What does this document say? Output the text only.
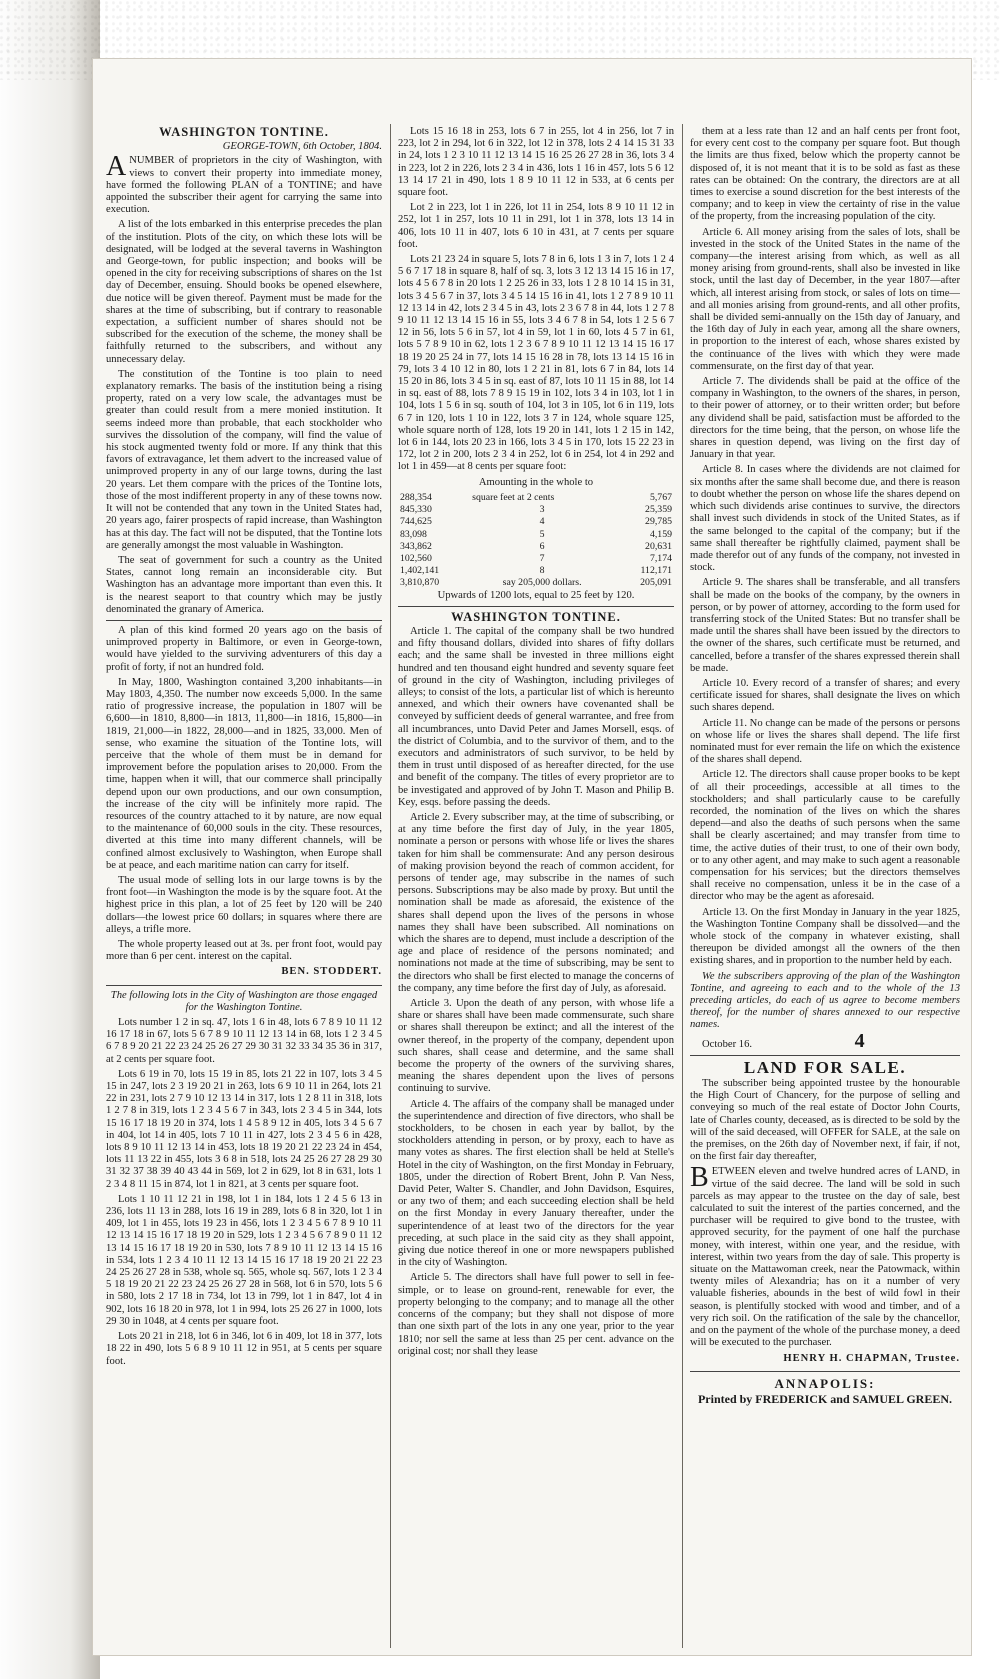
WASHINGTON TONTINE.
GEORGE-TOWN, 6th October, 1804.

ANUMBER of proprietors in the city of Washington, with views to convert their property into immediate money, have formed the following PLAN of a TONTINE; and have appointed the subscriber their agent for carrying the same into execution.

A list of the lots embarked in this enterprise precedes the plan of the institution. Plots of the city, on which these lots will be designated, will be lodged at the several taverns in Washington and George-town, for public inspection; and books will be opened in the city for receiving subscriptions of shares on the 1st day of December, ensuing. Should books be opened elsewhere, due notice will be given thereof. Payment must be made for the shares at the time of subscribing, but if contrary to reasonable expectation, a sufficient number of shares should not be subscribed for the execution of the scheme, the money shall be faithfully returned to the subscribers, and without any unnecessary delay.

The constitution of the Tontine is too plain to need explanatory remarks. The basis of the institution being a rising property, rated on a very low scale, the advantages must be greater than could result from a mere monied institution. It seems indeed more than probable, that each stockholder who survives the dissolution of the company, will find the value of his stock augmented twenty fold or more. If any think that this favors of extravagance, let them advert to the increased value of unimproved property in any of our large towns, during the last 20 years. Let them compare with the prices of the Tontine lots, those of the most indifferent property in any of these towns now. It will not be contended that any town in the United States had, 20 years ago, fairer prospects of rapid increase, than Washington has at this day. The fact will not be disputed, that the Tontine lots are generally amongst the most valuable in Washington.

The seat of government for such a country as the United States, cannot long remain an inconsiderable city. But Washington has an advantage more important than even this. It is the nearest seaport to that country which may be justly denominated the granary of America.

A plan of this kind formed 20 years ago on the basis of unimproved property in Baltimore, or even in George-town, would have yielded to the surviving adventurers of this day a profit of forty, if not an hundred fold.

In May, 1800, Washington contained 3,200 inhabitants—in May 1803, 4,350. The number now exceeds 5,000. In the same ratio of progressive increase, the population in 1807 will be 6,600—in 1810, 8,800—in 1813, 11,800—in 1816, 15,800—in 1819, 21,000—in 1822, 28,000—and in 1825, 33,000. Men of sense, who examine the situation of the Tontine lots, will perceive that the whole of them must be in demand for improvement before the population arises to 20,000. From the time, happen when it will, that our commerce shall principally depend upon our own productions, and our own consumption, the increase of the city will be infinitely more rapid. The resources of the country attached to it by nature, are now equal to the maintenance of 60,000 souls in the city. These resources, diverted at this time into many different channels, will be confined almost exclusively to Washington, when Europe shall be at peace, and each maritime nation can carry for itself.

The usual mode of selling lots in our large towns is by the front foot—in Washington the mode is by the square foot. At the highest price in this plan, a lot of 25 feet by 120 will be 240 dollars—the lowest price 60 dollars; in squares where there are alleys, a trifle more.

The whole property leased out at 3s. per front foot, would pay more than 6 per cent. interest on the capital.

BEN. STODDERT.

The following lots in the City of Washington are those engaged for the Washington Tontine.

Lots number 1 2 in sq. 47, lots 1 6 in 48, lots 6 7 8 9 10 11 12 16 17 18 in 67, lots 5 6 7 8 9 10 11 12 13 14 in 68, lots 1 2 3 4 5 6 7 8 9 20 21 22 23 24 25 26 27 29 30 31 32 33 34 35 36 in 317, at 2 cents per square foot.

Lots 6 19 in 70, lots 15 19 in 85, lots 21 22 in 107, lots 3 4 5 15 in 247, lots 2 3 19 20 21 in 263, lots 6 9 10 11 in 264, lots 21 22 in 231, lots 2 7 9 10 12 13 14 in 317, lots 1 2 8 11 in 318, lots 1 2 7 8 in 319, lots 1 2 3 4 5 6 7 in 343, lots 2 3 4 5 in 344, lots 15 16 17 18 19 20 in 374, lots 1 4 5 8 9 12 in 405, lots 3 4 5 6 7 in 404, lot 14 in 405, lots 7 10 11 in 427, lots 2 3 4 5 6 in 428, lots 8 9 10 11 12 13 14 in 453, lots 18 19 20 21 22 23 24 in 454, lots 11 13 22 in 455, lots 3 6 8 in 518, lots 24 25 26 27 28 29 30 31 32 37 38 39 40 43 44 in 569, lot 2 in 629, lot 8 in 631, lots 1 2 3 4 8 11 15 in 874, lot 1 in 821, at 3 cents per square foot.

Lots 1 10 11 12 21 in 198, lot 1 in 184, lots 1 2 4 5 6 13 in 236, lots 11 13 in 288, lots 16 19 in 289, lots 6 8 in 320, lot 1 in 409, lot 1 in 455, lots 19 23 in 456, lots 1 2 3 4 5 6 7 8 9 10 11 12 13 14 15 16 17 18 19 20 in 529, lots 1 2 3 4 5 6 7 8 9 0 11 12 13 14 15 16 17 18 19 20 in 530, lots 7 8 9 10 11 12 13 14 15 16 in 534, lots 1 2 3 4 10 11 12 13 14 15 16 17 18 19 20 21 22 23 24 25 26 27 28 in 538, whole sq. 565, whole sq. 567, lots 1 2 3 4 5 18 19 20 21 22 23 24 25 26 27 28 in 568, lot 6 in 570, lots 5 6 in 580, lots 2 17 18 in 734, lot 13 in 799, lot 1 in 847, lot 4 in 902, lots 16 18 20 in 978, lot 1 in 994, lots 25 26 27 in 1000, lots 29 30 in 1048, at 4 cents per square foot.

Lots 20 21 in 218, lot 6 in 346, lot 6 in 409, lot 18 in 377, lots 18 22 in 490, lots 5 6 8 9 10 11 12 in 951, at 5 cents per square foot.

Lots 15 16 18 in 253, lots 6 7 in 255, lot 4 in 256, lot 7 in 223, lot 2 in 294, lot 6 in 322, lot 12 in 378, lots 2 4 14 15 31 33 in 24, lots 1 2 3 10 11 12 13 14 15 16 25 26 27 28 in 36, lots 3 4 in 223, lot 2 in 226, lots 2 3 4 in 436, lots 1 16 in 457, lots 5 6 12 13 14 17 21 in 490, lots 1 8 9 10 11 12 in 533, at 6 cents per square foot.

Lot 2 in 223, lot 1 in 226, lot 11 in 254, lots 8 9 10 11 12 in 252, lot 1 in 257, lots 10 11 in 291, lot 1 in 378, lots 13 14 in 406, lots 10 11 in 407, lots 6 10 in 431, at 7 cents per square foot.

Lots 21 23 24 in square 5, lots 7 8 in 6, lots 1 3 in 7, lots 1 2 4 5 6 7 17 18 in square 8, half of sq. 3, lots 3 12 13 14 15 16 in 17, lots 4 5 6 7 8 in 20 lots 1 2 25 26 in 33, lots 1 2 8 10 14 15 in 31, lots 3 4 5 6 7 in 37, lots 3 4 5 14 15 16 in 41, lots 1 2 7 8 9 10 11 12 13 14 in 42, lots 2 3 4 5 in 43, lots 2 3 6 7 8 in 44, lots 1 2 7 8 9 10 11 12 13 14 15 16 in 55, lots 3 4 6 7 8 in 54, lots 1 2 5 6 7 12 in 56, lots 5 6 in 57, lot 4 in 59, lot 1 in 60, lots 4 5 7 in 61, lots 5 7 8 9 10 in 62, lots 1 2 3 6 7 8 9 10 11 12 13 14 15 16 17 18 19 20 25 24 in 77, lots 14 15 16 28 in 78, lots 13 14 15 16 in 79, lots 3 4 10 12 in 80, lots 1 2 21 in 81, lots 6 7 in 84, lots 14 15 20 in 86, lots 3 4 5 in sq. east of 87, lots 10 11 15 in 88, lot 14 in sq. east of 88, lots 7 8 9 15 19 in 102, lots 3 4 in 103, lot 1 in 104, lots 1 5 6 in sq. south of 104, lot 3 in 105, lot 6 in 119, lots 6 7 in 120, lots 1 10 in 122, lots 3 7 in 124, whole square 125, whole square north of 128, lots 19 20 in 141, lots 1 2 15 in 142, lot 6 in 144, lots 20 23 in 166, lots 3 4 5 in 170, lots 15 22 23 in 172, lot 2 in 200, lots 2 3 4 in 252, lot 6 in 254, lot 4 in 292 and lot 1 in 459—at 8 cents per square foot:

Amounting in the whole to

288,354	square feet at 2 cents	5,767
845,330	3	25,359
744,625	4	29,785
83,098	5	4,159
343,862	6	20,631
102,560	7	7,174
1,402,141	8	112,171
3,810,870	say 205,000 dollars.	205,091

Upwards of 1200 lots, equal to 25 feet by 120.

WASHINGTON TONTINE.

Article 1. The capital of the company shall be two hundred and fifty thousand dollars, divided into shares of fifty dollars each; and the same shall be invested in three millions eight hundred and ten thousand eight hundred and seventy square feet of ground in the city of Washington, including privileges of alleys; to consist of the lots, a particular list of which is hereunto annexed, and which their owners have covenanted shall be conveyed by sufficient deeds of general warrantee, and free from all incumbrances, unto David Peter and James Morsell, esqs. of the district of Columbia, and to the survivor of them, and to the executors and administrators of such survivor, to be held by them in trust until disposed of as hereafter directed, for the use and benefit of the company. The titles of every proprietor are to be investigated and approved of by John T. Mason and Philip B. Key, esqs. before passing the deeds.

Article 2. Every subscriber may, at the time of subscribing, or at any time before the first day of July, in the year 1805, nominate a person or persons with whose life or lives the shares taken for him shall be commensurate: And any person desirous of making provision beyond the reach of common accident, for persons of tender age, may subscribe in the names of such persons. Subscriptions may be also made by proxy. But until the nomination shall be made as aforesaid, the existence of the shares shall depend upon the lives of the persons in whose names they shall have been subscribed. All nominations on which the shares are to depend, must include a description of the age and place of residence of the persons nominated; and nominations not made at the time of subscribing, may be sent to the directors who shall be first elected to manage the concerns of the company, any time before the first day of July, as aforesaid.

Article 3. Upon the death of any person, with whose life a share or shares shall have been made commensurate, such share or shares shall thereupon be extinct; and all the interest of the owner thereof, in the property of the company, dependent upon such shares, shall cease and determine, and the same shall become the property of the owners of the surviving shares, meaning the shares dependent upon the lives of persons continuing to survive.

Article 4. The affairs of the company shall be managed under the superintendence and direction of five directors, who shall be stockholders, to be chosen in each year by ballot, by the stockholders attending in person, or by proxy, each to have as many votes as shares. The first election shall be held at Stelle's Hotel in the city of Washington, on the first Monday in February, 1805, under the direction of Robert Brent, John P. Van Ness, David Peter, Walter S. Chandler, and John Davidson, Esquires, or any two of them; and each succeeding election shall be held on the first Monday in every January thereafter, under the superintendence of at least two of the directors for the year preceding, at such place in the said city as they shall appoint, giving due notice thereof in one or more newspapers published in the city of Washington.

Article 5. The directors shall have full power to sell in fee-simple, or to lease on ground-rent, renewable for ever, the property belonging to the company; and to manage all the other concerns of the company; but they shall not dispose of more than one sixth part of the lots in any one year, prior to the year 1810; nor sell the same at less than 25 per cent. advance on the original cost; nor shall they lease

them at a less rate than 12 and an half cents per front foot, for every cent cost to the company per square foot. But though the limits are thus fixed, below which the property cannot be disposed of, it is not meant that it is to be sold as fast as these rates can be obtained: On the contrary, the directors are at all times to exercise a sound discretion for the best interests of the company; and to keep in view the certainty of rise in the value of the property, from the increasing population of the city.

Article 6. All money arising from the sales of lots, shall be invested in the stock of the United States in the name of the company—the interest arising from which, as well as all money arising from ground-rents, shall also be invested in like stock, until the last day of December, in the year 1807—after which, all interest arising from stock, or sales of lots on time—and all monies arising from ground-rents, and all other profits, shall be divided semi-annually on the 15th day of January, and the 16th day of July in each year, among all the share owners, in proportion to the interest of each, whose shares existed by the continuance of the lives with which they were made commensurate, on the first day of that year.

Article 7. The dividends shall be paid at the office of the company in Washington, to the owners of the shares, in person, to their power of attorney, or to their written order; but before any dividend shall be paid, satisfaction must be afforded to the directors for the time being, that the person, on whose life the shares in question depend, was living on the first day of January in that year.

Article 8. In cases where the dividends are not claimed for six months after the same shall become due, and there is reason to doubt whether the person on whose life the shares depend on which such dividends arise continues to survive, the directors shall invest such dividends in stock of the United States, as if the same belonged to the capital of the company; but if the same shall thereafter be rightfully claimed, payment shall be made therefor out of any funds of the company, not invested in stock.

Article 9. The shares shall be transferable, and all transfers shall be made on the books of the company, by the owners in person, or by power of attorney, according to the form used for transferring stock of the United States: But no transfer shall be made until the shares shall have been issued by the directors to the owner of the shares, such certificate must be returned, and cancelled, before a transfer of the shares expressed therein shall be made.

Article 10. Every record of a transfer of shares; and every certificate issued for shares, shall designate the lives on which such shares depend.

Article 11. No change can be made of the persons or persons on whose life or lives the shares shall depend. The life first nominated must for ever remain the life on which the existence of the shares shall depend.

Article 12. The directors shall cause proper books to be kept of all their proceedings, accessible at all times to the stockholders; and shall particularly cause to be carefully recorded, the nomination of the lives on which the shares depend—and also the deaths of such persons when the same shall be clearly ascertained; and may transfer from time to time, the active duties of their trust, to one of their own body, or to any other agent, and may make to such agent a reasonable compensation for his services; but the directors themselves shall receive no compensation, unless it be in the case of a director who may be the agent as aforesaid.

Article 13. On the first Monday in January in the year 1825, the Washington Tontine Company shall be dissolved—and the whole stock of the company in whatever existing, shall thereupon be divided amongst all the owners of the then existing shares, and in proportion to the number held by each.

We the subscribers approving of the plan of the Washington Tontine, and agreeing to each and to the whole of the 13 preceding articles, do each of us agree to become members thereof, for the number of shares annexed to our respective names.

October 16.	4

LAND FOR SALE.

The subscriber being appointed trustee by the honourable the High Court of Chancery, for the purpose of selling and conveying so much of the real estate of Doctor John Courts, late of Charles county, deceased, as is directed to be sold by the will of the said deceased, will OFFER for SALE, at the sale on the premises, on the 26th day of November next, if fair, if not, on the first fair day thereafter,

BETWEEN eleven and twelve hundred acres of LAND, in virtue of the said decree. The land will be sold in such parcels as may appear to the trustee on the day of sale, best calculated to suit the interest of the parties concerned, and the purchaser will be required to give bond to the trustee, with approved security, for the payment of one half the purchase money, with interest, within one year, and the residue, with interest, within two years from the day of sale. This property is situate on the Mattawoman creek, near the Patowmack, within twenty miles of Alexandria; has on it a number of very valuable fisheries, abounds in the best of wild fowl in their season, is plentifully stocked with wood and timber, and of a very rich soil. On the ratification of the sale by the chancellor, and on the payment of the whole of the purchase money, a deed will be executed to the purchaser.

HENRY H. CHAPMAN, Trustee.
ANNAPOLIS:
Printed by FREDERICK and SAMUEL GREEN.
